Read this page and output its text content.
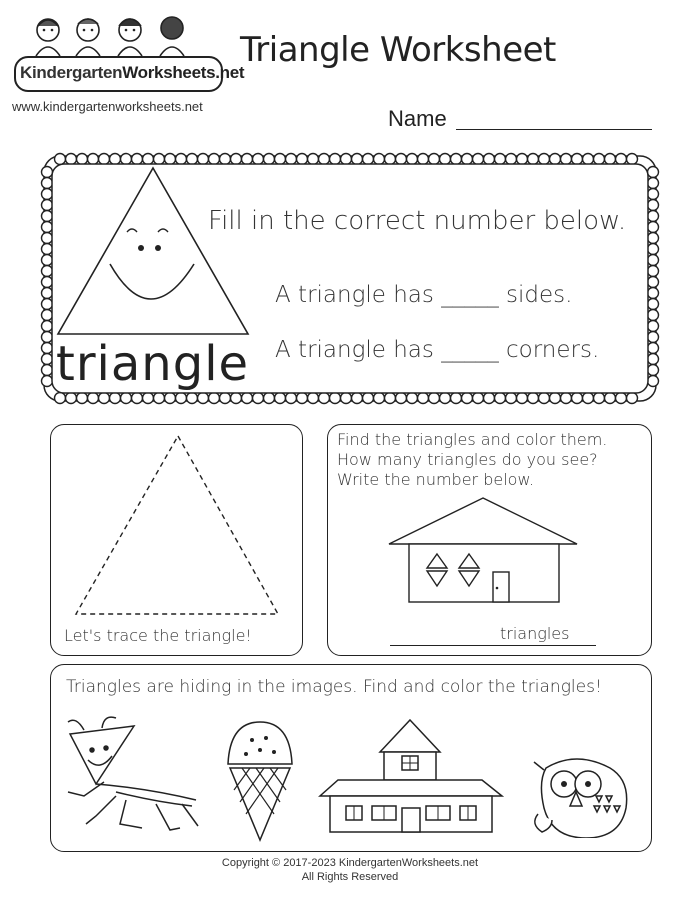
KindergartenWorksheets.net
www.kindergartenworksheets.net
Triangle Worksheet
Name
triangle
Fill in the correct number below.
A triangle has _____ sides.
A triangle has _____ corners.
Let's trace the triangle!
Find the triangles and color them.
How many triangles do you see?
Write the number below.
triangles
Triangles are hiding in the images. Find and color the triangles!
Copyright © 2017-2023 KindergartenWorksheets.net
All Rights Reserved
